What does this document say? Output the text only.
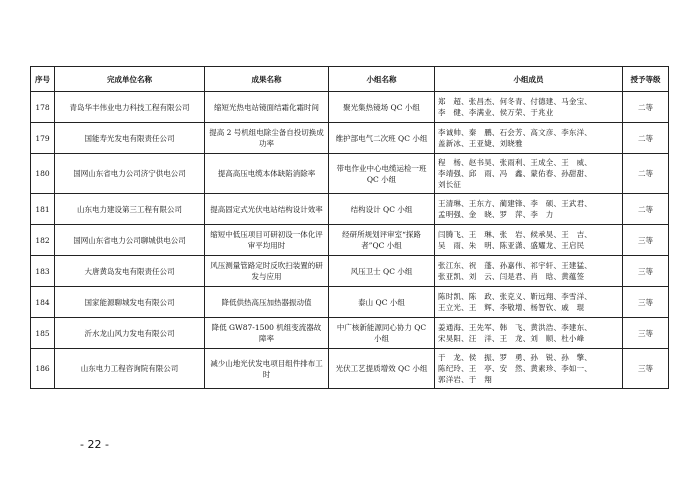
序号	完成单位名称	成果名称	小组名称	小组成员	授予等级
178	青岛华丰伟业电力科技工程有限公司	缩短光热电站镜面结霜化霜时间	聚光集热镜场 QC 小组	郑　超、张昌杰、何冬青、付德建、马金宝、
李　健、李满业、侯万荣、于兆业	二等
179	国能寿光发电有限责任公司	提高 2 号机组电除尘备自投切换成功率	维护部电气二次班 QC 小组	李诚帅、秦　鹏、石会芳、高文彦、李东洋、
盖新冰、王亚婕、刘晓雅	二等
180	国网山东省电力公司济宁供电公司	提高高压电缆本体缺陷消除率	带电作业中心电缆运检一班 QC 小组	程　杨、赵书昊、张雨利、王成全、王　威、
李靖强、邱　雨、冯　鑫、蒙佑春、孙甜甜、
刘长征	二等
181	山东电力建设第三工程有限公司	提高固定式光伏电站结构设计效率	结构设计 QC 小组	王清琳、王东方、蔺建锋、李　硕、王武君、
孟明强、金　晓、罗　萍、李　力	二等
182	国网山东省电力公司聊城供电公司	缩短中低压项目可研初设一体化评审平均用时	经研所规划评审室“探路者”QC 小组	闫腾飞、王　琳、张　岩、候承昊、王　吉、
吴　雨、朱　明、陈亚潇、盛耀龙、王启民	三等
183	大唐黄岛发电有限责任公司	风压测量管路定时反吹扫装置的研发与应用	风压卫士 QC 小组	张江东、祝　蓬、孙嘉伟、祁宇轩、王建猛、
张亚凯、刘　云、闫是君、肖　晗、黄蕴签	三等
184	国家能源聊城发电有限公司	降低供热高压加热器振动值	泰山 QC 小组	陈时凯、陈　政、张克义、靳远翔、李雪洋、
王立光、王　辉、李敬增、杨智钦、戚　琨	三等
185	沂水龙山风力发电有限公司	降低 GW87-1500 机组变流器故障率	中广核新能源同心协力 QC 小组	姜通海、王先军、韩　飞、黄洪浩、李建东、
宋昊阳、汪　洋、王　龙、刘　顺、杜小峰	三等
186	山东电力工程咨询院有限公司	减少山地光伏发电项目组件排布工时	光伏工艺提质增效 QC 小组	于　龙、侯　振、罗　勇、孙　锐、孙　擎、
陈纪玲、王　亭、安　然、黄素珍、李如一、
郭洋岩、于　翔	三等
- 22 -
